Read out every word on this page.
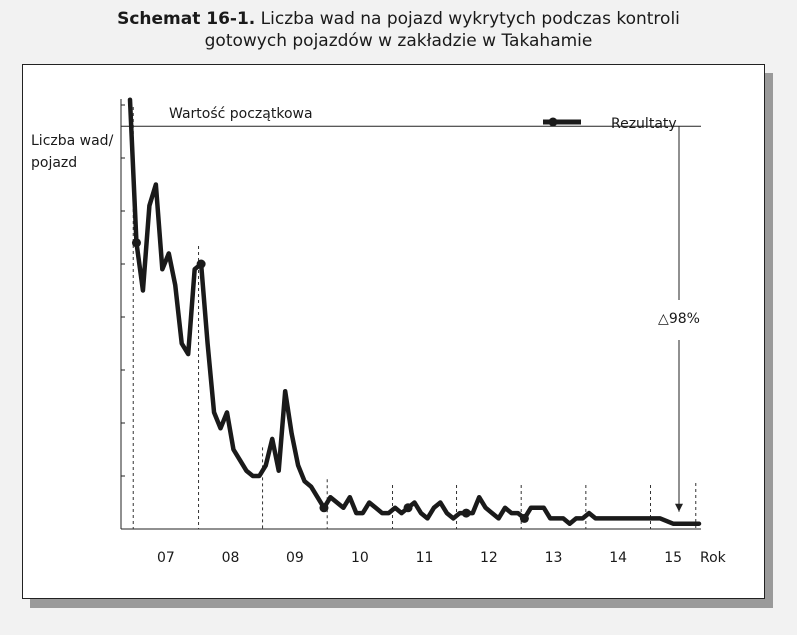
Schemat 16-1. Liczba wad na pojazd wykrytych podczas kontroli
gotowych pojazdów w zakładzie w Takahamie
07	08	09	10	11	12	13	14	15
Liczba wad/
pojazd
Rok
Wartość początkowa
△98%
Rezultaty
